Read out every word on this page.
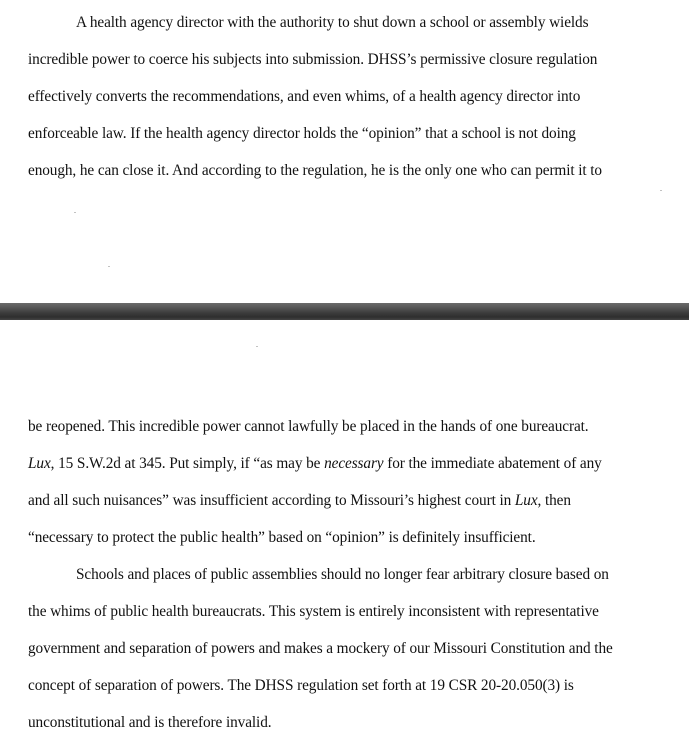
A health agency director with the authority to shut down a school or assembly wields
incredible power to coerce his subjects into submission. DHSS’s permissive closure regulation
effectively converts the recommendations, and even whims, of a health agency director into
enforceable law. If the health agency director holds the “opinion” that a school is not doing
enough, he can close it. And according to the regulation, he is the only one who can permit it to
be reopened. This incredible power cannot lawfully be placed in the hands of one bureaucrat.
Lux, 15 S.W.2d at 345. Put simply, if “as may be necessary for the immediate abatement of any
and all such nuisances” was insufficient according to Missouri’s highest court in Lux, then
“necessary to protect the public health” based on “opinion” is definitely insufficient.
Schools and places of public assemblies should no longer fear arbitrary closure based on
the whims of public health bureaucrats. This system is entirely inconsistent with representative
government and separation of powers and makes a mockery of our Missouri Constitution and the
concept of separation of powers. The DHSS regulation set forth at 19 CSR 20-20.050(3) is
unconstitutional and is therefore invalid.
